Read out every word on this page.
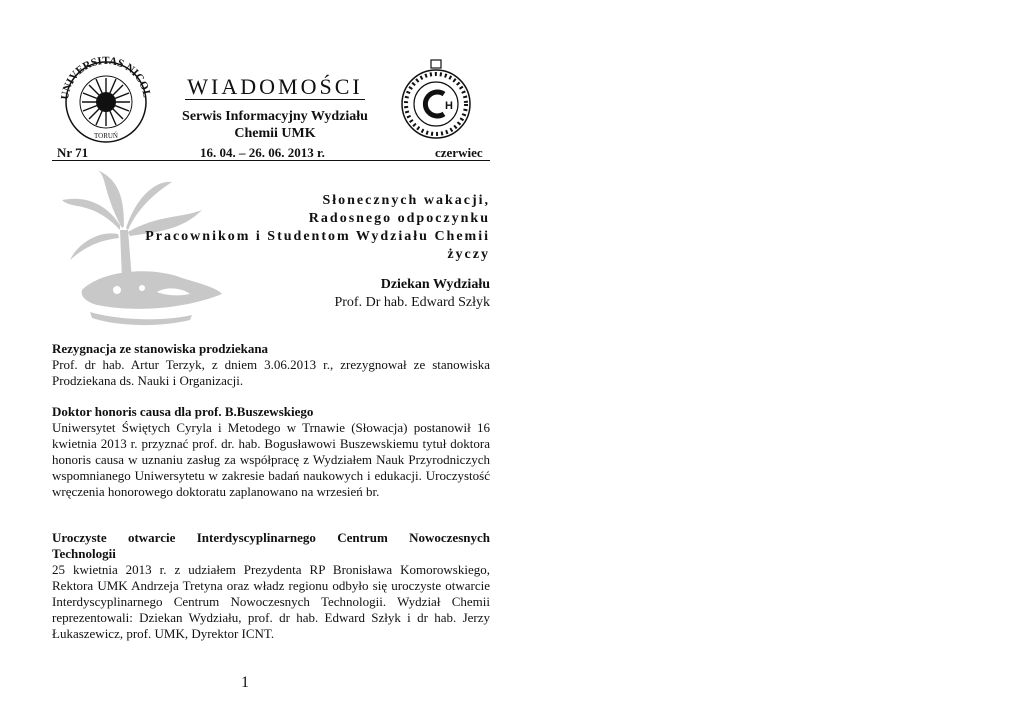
UNIVERSITAS NICOL
TORUŃ
WIADOMOŚCI
Serwis Informacyjny Wydziału
Chemii UMK
H
Nr 71	16. 04. – 26. 06. 2013 r.	czerwiec
Słonecznych wakacji,
Radosnego odpoczynku
Pracownikom i Studentom Wydziału Chemii
życzy
Dziekan Wydziału
Prof. Dr hab. Edward Szłyk
Rezygnacja ze stanowiska prodziekana

Prof. dr hab. Artur Terzyk, z dniem 3.06.2013 r., zrezygnował ze stanowiska Prodziekana ds. Nauki i Organizacji.

Doktor honoris causa dla prof. B.Buszewskiego

Uniwersytet Świętych Cyryla i Metodego w Trnawie (Słowacja) postanowił 16 kwietnia 2013 r. przyznać prof. dr. hab. Bogusławowi Buszewskiemu tytuł doktora honoris causa w uznaniu zasług za współpracę z Wydziałem Nauk Przyrodniczych wspomnianego Uniwersytetu w zakresie badań naukowych i edukacji. Uroczystość wręczenia honorowego doktoratu zaplanowano na wrzesień br.

Uroczyste otwarcie Interdyscyplinarnego Centrum Nowoczesnych
Technologii

25 kwietnia 2013 r. z udziałem Prezydenta RP Bronisława Komorowskiego, Rektora UMK Andrzeja Tretyna oraz władz regionu odbyło się uroczyste otwarcie Interdyscyplinarnego Centrum Nowoczesnych Technologii. Wydział Chemii reprezentowali: Dziekan Wydziału, prof. dr hab. Edward Szłyk i dr hab. Jerzy Łukaszewicz, prof. UMK, Dyrektor ICNT.

1
